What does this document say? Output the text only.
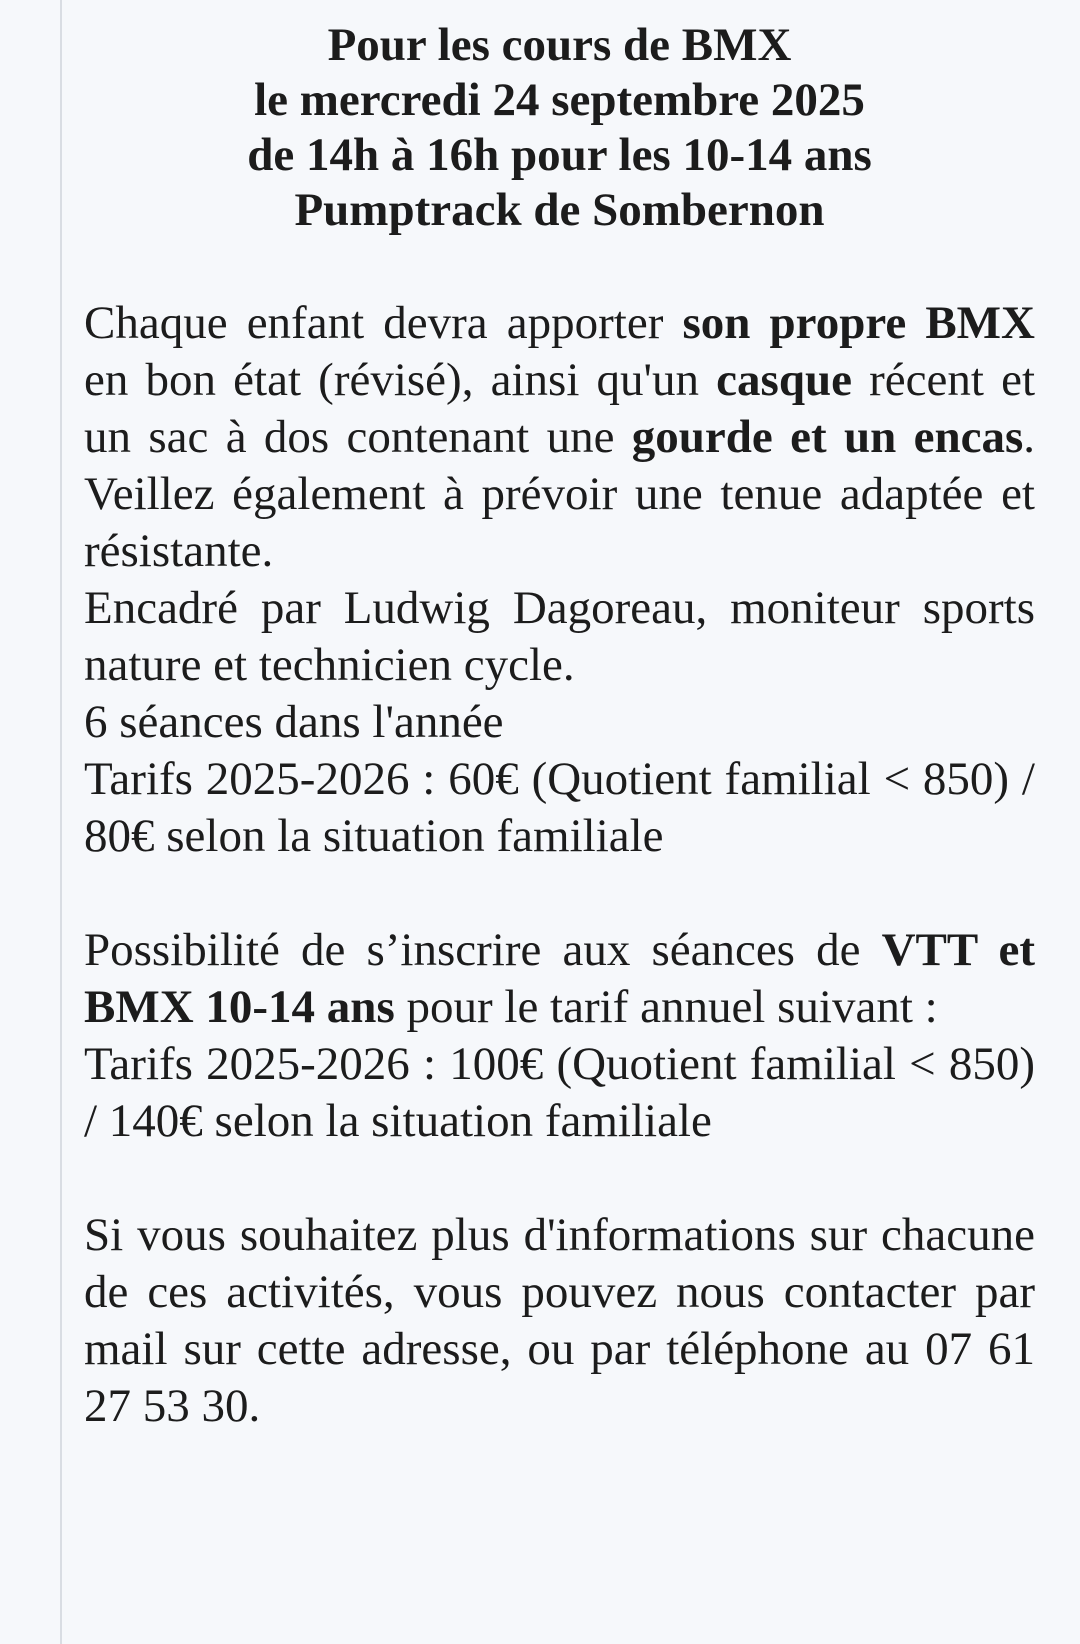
Pour les cours de BMX
le mercredi 24 septembre 2025
de 14h à 16h pour les 10-14 ans
Pumptrack de Sombernon

Chaque enfant devra apporter son propre BMX en bon état (révisé), ainsi qu'un casque récent et un sac à dos contenant une gourde et un encas. Veillez également à prévoir une tenue adaptée et résistante.

Encadré par Ludwig Dagoreau, moniteur sports nature et technicien cycle.

6 séances dans l'année

Tarifs 2025-2026 : 60€ (Quotient familial < 850) / 80€ selon la situation familiale

Possibilité de s’inscrire aux séances de VTT et BMX 10-14 ans pour le tarif annuel suivant :

Tarifs 2025-2026 : 100€ (Quotient familial < 850) / 140€ selon la situation familiale

Si vous souhaitez plus d'informations sur chacune de ces activités, vous pouvez nous contacter par mail sur cette adresse, ou par téléphone au 07 61 27 53 30.
